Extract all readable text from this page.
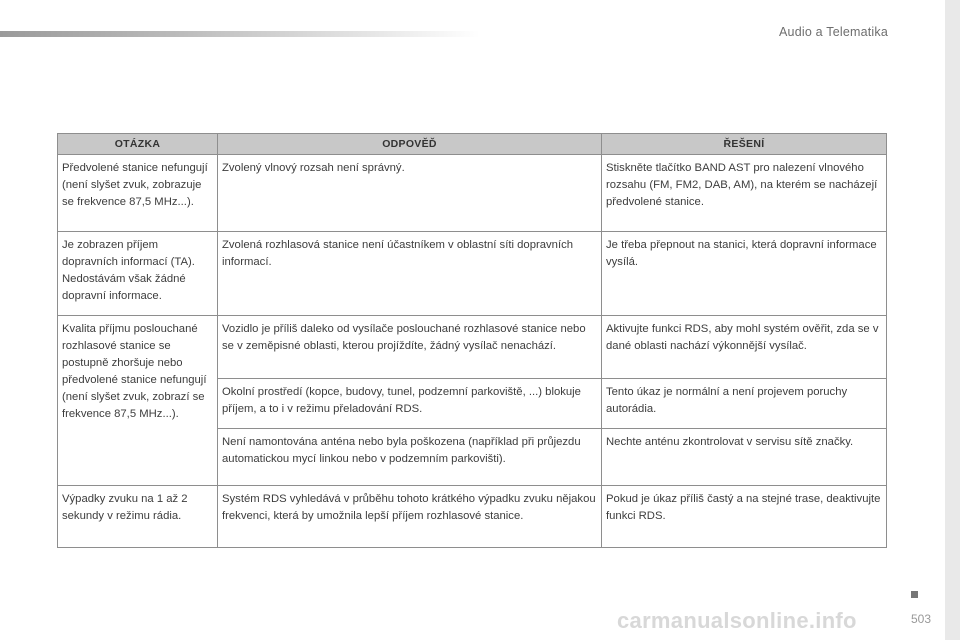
Audio a Telematika
OTÁZKA	ODPOVĚĎ	ŘEŠENÍ
Předvolené stanice nefungují (není slyšet zvuk, zobrazuje se frekvence 87,5 MHz...).	Zvolený vlnový rozsah není správný.	Stiskněte tlačítko BAND AST pro nalezení vlnového rozsahu (FM, FM2, DAB, AM), na kterém se nacházejí předvolené stanice.
Je zobrazen příjem dopravních informací (TA). Nedostávám však žádné dopravní informace.	Zvolená rozhlasová stanice není účastníkem v oblastní síti dopravních informací.	Je třeba přepnout na stanici, která dopravní informace vysílá.
Kvalita příjmu poslouchané rozhlasové stanice se postupně zhoršuje nebo předvolené stanice nefungují (není slyšet zvuk, zobrazí se frekvence 87,5 MHz...).	Vozidlo je příliš daleko od vysílače poslouchané rozhlasové stanice nebo se v zeměpisné oblasti, kterou projíždíte, žádný vysílač nenachází.	Aktivujte funkci RDS, aby mohl systém ověřit, zda se v dané oblasti nachází výkonnější vysílač.
	Okolní prostředí (kopce, budovy, tunel, podzemní parkoviště, ...) blokuje příjem, a to i v režimu přeladování RDS.	Tento úkaz je normální a není projevem poruchy autorádia.
	Není namontována anténa nebo byla poškozena (například při průjezdu automatickou mycí linkou nebo v podzemním parkovišti).	Nechte anténu zkontrolovat v servisu sítě značky.
Výpadky zvuku na 1 až 2 sekundy v režimu rádia.	Systém RDS vyhledává v průběhu tohoto krátkého výpadku zvuku nějakou frekvenci, která by umožnila lepší příjem rozhlasové stanice.	Pokud je úkaz příliš častý a na stejné trase, deaktivujte funkci RDS.
carmanualsonline.info	503
